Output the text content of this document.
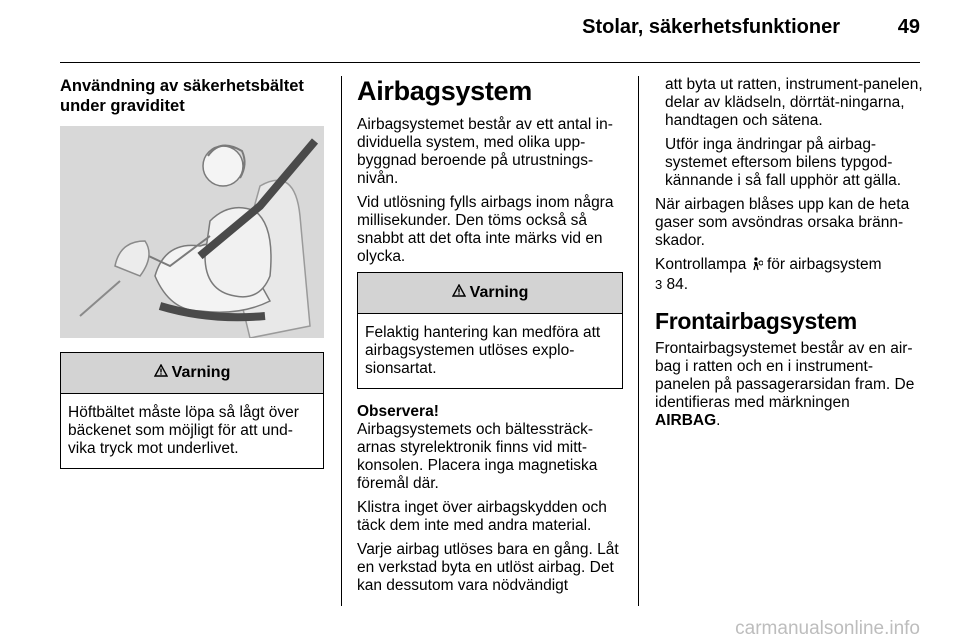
Stolar, säkerhetsfunktioner	49
Användning av säkerhetsbältet under graviditet
Varning
Höftbältet måste löpa så lågt över bäckenet som möjligt för att und-vika tryck mot underlivet.
Airbagsystem

Airbagsystemet består av ett antal in-dividuella system, med olika upp-byggnad beroende på utrustnings-nivån.

Vid utlösning fylls airbags inom några millisekunder. Den töms också så snabbt att det ofta inte märks vid en olycka.

Varning
Felaktig hantering kan medföra att airbagsystemen utlöses explo-sionsartat.
Observera!

Airbagsystemets och bältessträck-arnas styrelektronik finns vid mitt-konsolen. Placera inga magnetiska föremål där.

Klistra inget över airbagskydden och täck dem inte med andra material.

Varje airbag utlöses bara en gång. Låt en verkstad byta en utlöst airbag. Det kan dessutom vara nödvändigt

att byta ut ratten, instrument-panelen, delar av klädseln, dörrtät-ningarna, handtagen och sätena.

Utför inga ändringar på airbag-systemet eftersom bilens typgod-kännande i så fall upphör att gälla.

När airbagen blåses upp kan de heta gaser som avsöndras orsaka bränn-skador.

Kontrollampa för airbagsystem
3 84.

Frontairbagsystem

Frontairbagsystemet består av en air-bag i ratten och en i instrument-panelen på passagerarsidan fram. De identifieras med märkningen
AIRBAG.

carmanualsonline.info
